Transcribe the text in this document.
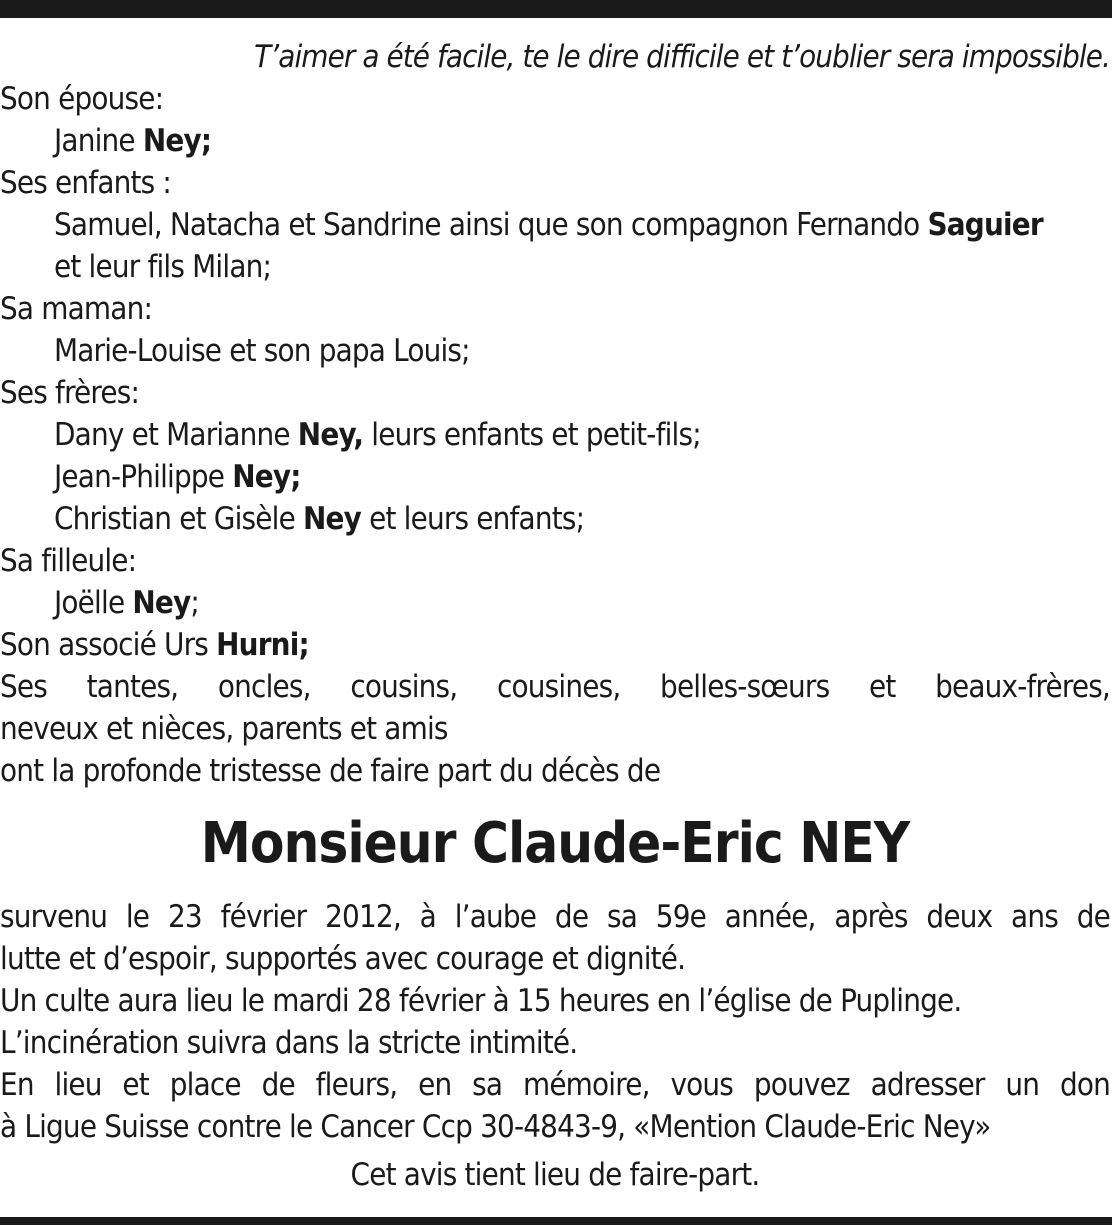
T’aimer a été facile, te le dire difficile et t’oublier sera impossible.
Son épouse:
Janine Ney;
Ses enfants :
Samuel, Natacha et Sandrine ainsi que son compagnon Fernando Saguier
et leur fils Milan;
Sa maman:
Marie-Louise et son papa Louis;
Ses frères:
Dany et Marianne Ney, leurs enfants et petit-fils;
Jean-Philippe Ney;
Christian et Gisèle Ney et leurs enfants;
Sa filleule:
Joëlle Ney;
Son associé Urs Hurni;
Ses tantes, oncles, cousins, cousines, belles-sœurs et beaux-frères,
neveux et nièces, parents et amis
ont la profonde tristesse de faire part du décès de
Monsieur Claude-Eric NEY
survenu le 23 février 2012, à l’aube de sa 59e année, après deux ans de
lutte et d’espoir, supportés avec courage et dignité.
Un culte aura lieu le mardi 28 février à 15 heures en l’église de Puplinge.
L’incinération suivra dans la stricte intimité.
En lieu et place de fleurs, en sa mémoire, vous pouvez adresser un don
à Ligue Suisse contre le Cancer Ccp 30-4843-9, «Mention Claude-Eric Ney»
Cet avis tient lieu de faire-part.
